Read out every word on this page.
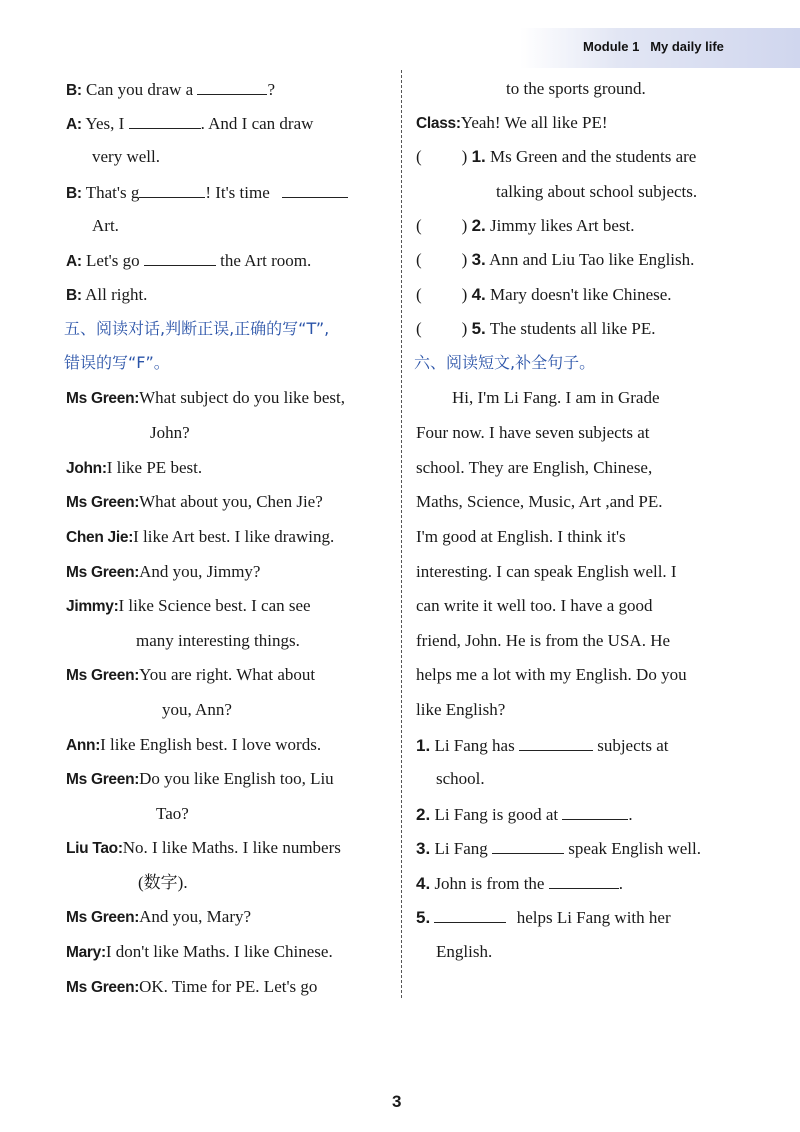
Module 1 My daily life
B: Can you draw a	?
A: Yes, I	. And I can draw
very well.
B: That's g	! It's time
Art.
A: Let's go	the Art room.
B: All right.
五、阅读对话,判断正误,正确的写“T”,
错误的写“F”。
Ms Green:What subject do you like best,
John?
John:I like PE best.
Ms Green:What about you, Chen Jie?
Chen Jie:I like Art best. I like drawing.
Ms Green:And you, Jimmy?
Jimmy:I like Science best. I can see
many interesting things.
Ms Green:You are right. What about
you, Ann?
Ann:I like English best. I love words.
Ms Green:Do you like English too, Liu
Tao?
Liu Tao:No. I like Maths. I like numbers
(数字).
Ms Green:And you, Mary?
Mary:I don't like Maths. I like Chinese.
Ms Green:OK. Time for PE. Let's go
to the sports ground.
Class:Yeah! We all like PE!
( ) 1. Ms Green and the students are
talking about school subjects.
( ) 2. Jimmy likes Art best.
( ) 3. Ann and Liu Tao like English.
( ) 4. Mary doesn't like Chinese.
( ) 5. The students all like PE.
六、阅读短文,补全句子。
Hi, I'm Li Fang. I am in Grade
Four now. I have seven subjects at
school. They are English, Chinese,
Maths, Science, Music, Art ,and PE.
I'm good at English. I think it's
interesting. I can speak English well. I
can write it well too. I have a good
friend, John. He is from the USA. He
helps me a lot with my English. Do you
like English?
1. Li Fang has	subjects at
school.
2. Li Fang is good at	.
3. Li Fang	speak English well.
4. John is from the	.
5.	helps Li Fang with her
English.
3
